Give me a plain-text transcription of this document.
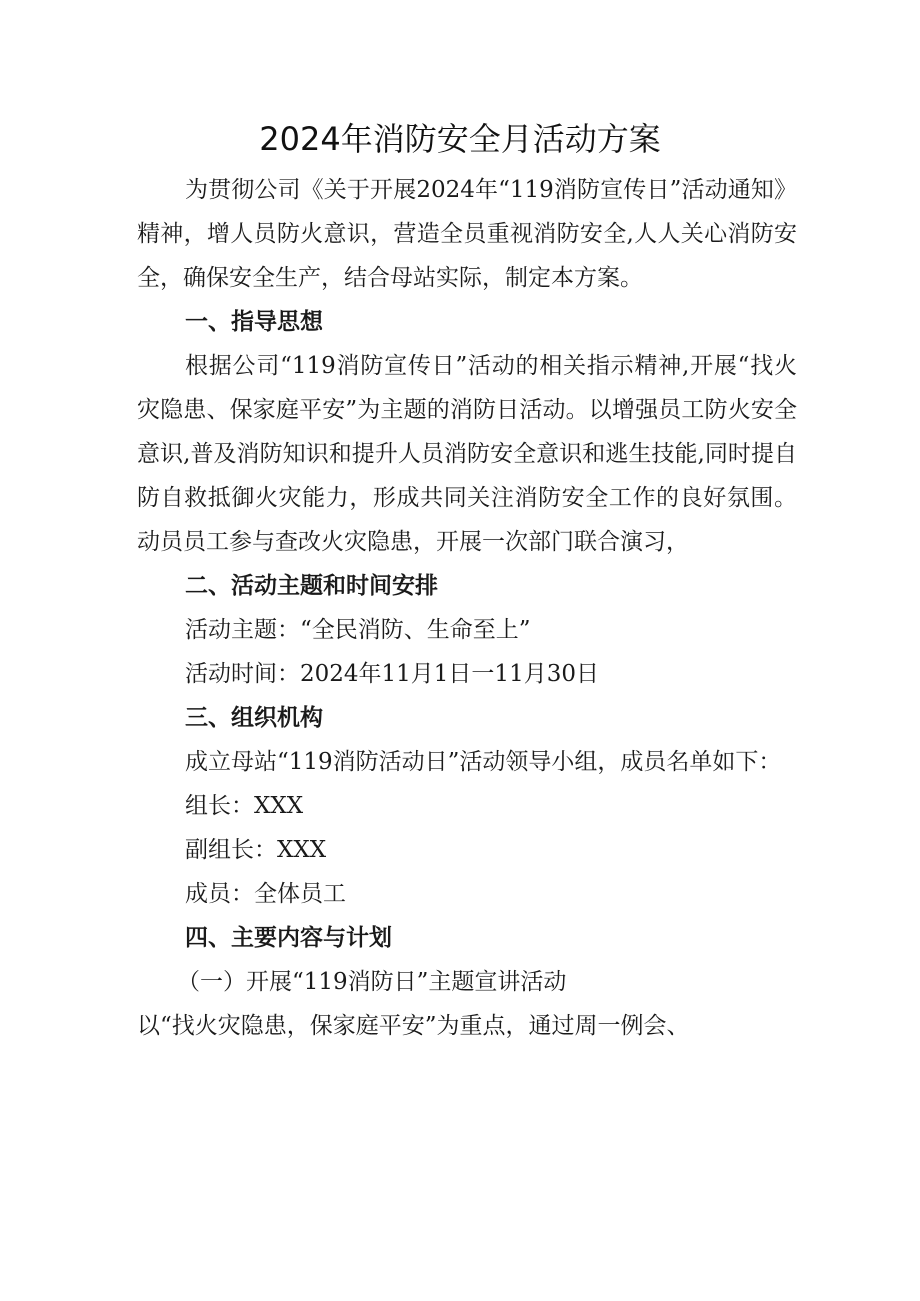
2024年消防安全月活动方案

为贯彻公司《关于开展2024年“119消防宣传日”活动通知》精神，增人员防火意识，营造全员重视消防安全,人人关心消防安全，确保安全生产，结合母站实际，制定本方案。

一、指导思想

根据公司“119消防宣传日”活动的相关指示精神,开展“找火灾隐患、保家庭平安”为主题的消防日活动。以增强员工防火安全意识,普及消防知识和提升人员消防安全意识和逃生技能,同时提自防自救抵御火灾能力，形成共同关注消防安全工作的良好氛围。动员员工参与查改火灾隐患，开展一次部门联合演习，

二、活动主题和时间安排

活动主题：“全民消防、生命至上”

活动时间：2024年11月1日一11月30日

三、组织机构

成立母站“119消防活动日”活动领导小组，成员名单如下：

组长：XXX

副组长：XXX

成员：全体员工

四、主要内容与计划

（一）开展“119消防日”主题宣讲活动

以“找火灾隐患，保家庭平安”为重点，通过周一例会、
